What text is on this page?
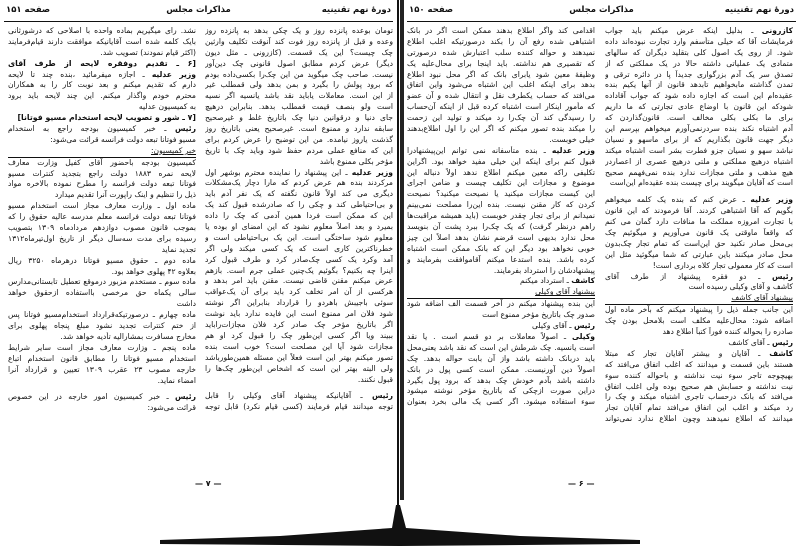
دورهٔ نهم تقنینیه
مذاکرات مجلس
صفحه ۱۵۱
تومان بوعده پانزده روز و یک چکی بدهد به پانزده روز
وعده و قبل از پانزده روز فوت کند آنوقت تکلیف وارثین
چک چیست؟ این یک قسمت. (کازرونی ـ مثل دیون
دیگر) عرض کردم مطابق اصول قانونی چک دین‌آور
نیست. صاحب چک میگوید من این چک‌را بکسی‌داده بودم
که برود پولش را بگیرد و بمن بدهد ولی قمطلب غیر
از این است. معاملات یاباید نقد باشد یانسیه اگر نسیه
است ولو بنصف قیمت قمطلب بدهد. بنابراین درهیچ
جای دنیا و درقوانین دنیا چک باتاریخ غلط و غیرصحیح
سابقه ندارد و ممنوع است. غیرصحیح یعنی باتاریخ روز
گذشت یاروز نیامده. من این توضیح را عرض کردم برای
این که منافع عملی مردم حفظ شود وباید چک با تاریخ
مؤخر بکلی ممنوع باشد
وزیر عدلیه ـ این پیشنهاد را نماینده محترم بوشهر اول
مرکردند بنده هم عرض کردم که مارا دچار یک‌مشکلات
دیگری می کند اولاً قانون نگفته که یک نفر آدم باید
و بی‌احتیاطی کند و چکی را که صادرشده قبول کند یک
این که ممکن است فردا همین آدمی که چک را داده
بمیرد و بعد اصلاً معلوم نشود که این امضای او بوده یا
معلوم شود ساختگی است. این یک بی‌احتیاطی است و
خطرناکترین کاری است که یک کسی میکند ولی اگر
آمد وکرد یک کسی چک‌صادر کرد و طرف قبول کرد
اینرا چه بکنیم؟ بگوئیم یک‌چنین عملی جرم است. بازهم
عرض میکنم مقنن قاضی نیست. مقنن باید امر بدهد و
هرکسی از آن امر تخلف کرد باید برای آن یک‌عواقب
سوئی باجیبش باهردو را قرارداد بنابراین اگر نوشته
شود فلان امر ممنوع است این فایده ندارد باید نوشت
اگر باتاریخ مؤخر چک صادر کرد فلان مجازات‌راباید
ببیند ویا اگر کسی این‌طور چک را قبول کرد او هم
مجازات شود آیا این مصلحت است؟ خوب است بنده
تصور میکنم بهتر این است فعلاً این مسئله همین‌طورباشد
ولی البته بهتر این است که اشخاص این‌طور چک‌ها را
قبول نکنند.
رئیس ـ آقایانیکه پیشنهاد آقای وکیلی را قابل
توجه میدانند قیام فرمایند (کسی قیام نکرد) قابل توجه
نشد. رای میگیریم بماده واحده با اصلاحی که درشورثانی
بایک کلمه شده است آقایانیکه موافقت دارند قیام‌فرمایند
(اکثر قیام نمودند) تصویب شد.
[۶ ـ تقدیم دوفقره لایحه از طرف آقای
وزیر عدلیه ـ اجازه میفرمائید ،بنده چند تا لایحه
دارم که تقدیم میکنم و بعد نوبت کار را به همکاران
محترم خودم واگذار میکنم. این چند لایحه باید برود
به کمیسیون عدلیه
[۷ ـ شور و تصویب لایحه استخدام مسیو فوتانا]
رئیس ـ خبر کمیسیون بودجه راجع به استخدام
مسیو فوتانا تبعه دولت فرانسه قرائت می‌شود:
خبر کمیسیون:
کمیسیون بودجه باحضور آقای کفیل وزارت معارف
لایحه نمره ۱۸۸۳ دولت راجع بتجدید کنترات مسیو
فوتانا تبعه دولت فرانسه را مطرح نموده بالاخره مواد
ذیل را تنظیم و اینک راپورت آنرا تقدیم میدارد
ماده اول ـ وزارت معارف مجاز است استخدام مسیو
فوتانا تبعه دولت فرانسه معلم مدرسه عالیه حقوق را که
بموجب قانون مصوب دوازدهم مردادماه ۱۳۰۹ بتصویب
رسیده برای مدت سه‌سال دیگر از تاریخ اول‌تیرماه۱۳۱۲
تجدید نماید
ماده دوم ـ حقوق مسیو فوتانا درهرماه ۳۲۵۰ ریال
بعلاوه ۴۲ پهلوی خواهد بود.
ماده سوم ـ مستخدم مزبور درموقع تعطیل تابستانی‌مدارس
سالی یکماه حق مرخصی بااستفاده ازحقوق خواهد
داشت
ماده چهارم ـ درصورتیکه‌قرارداد استخدام‌مسیو فوتانا پس
از ختم کنترات تجدید نشود مبلغ پنجاه پهلوی برای
مخارج مسافرت بمشارالیه تأدیه خواهد شد.
ماده پنجم ـ وزارت معارف مجاز است سایر شرایط
استخدام مسیو فوتانا را مطابق قانون استخدام اتباع
خارجه مصوب ۲۳ عقرب ۱۳۰۹ تعیین و قرارداد آنرا
امضاء نماید.
رئیس ـ خبر کمیسیون امور خارجه در این خصوص
قرائت می‌شود:
— ۷ —
دورهٔ نهم تقنینیه
مذاکرات مجلس
صفحه ۱۵۰
کازرونی ـ بدلیل اینکه عرض میکنم باید جواب
فرمایشات آقا که خیلی متأسفم وارد تجارت نبوده‌اند داده
شود. از روی یک اصول کلی بتقلید دیگران که سالهای
متمادی یک عملیاتی داشته حالا در یک مملکتی که از
تصدق سر یک آدم بزرگواری جدیداً پا در دائره ترقی و
تمدن گذاشته مابخواهیم تابدهد قانون از آنها یکیم بنده
عقیده‌ام این است که اجازه داده شود که جواب آقاداده
شودکه این قانون با اوضاع عادی تجارتی که ما داریم
برای ما بکلی بکلی مخالف است. قانون‌گذاردن که
آدم اشتباه نکند بنده سردرنمی‌آورم میخواهم بپرسم این
دیگر جهت قانون بگذاریم که از برای ماسهو و نسیان
نباشد سهو و نسیان جزو فطرت بشر است اشتباه میکند
اشتباه درهیچ مملکتی و ملتی درهیچ عصری از اعصاردر
هیچ مذهب و ملتی مجازات ندارد بنده نمی‌فهمم صحیح
است که آقایان میگویند برای چیست بنده عقیده‌ام این‌است
وزیر عدلیه ـ عرض کنم که بنده یک کلمه میخواهم
بگویم که آقا اشتباهی کردند. آقا فرمودند که این قانون
با تجارت امروزه مملکت ما منافات دارد گمان می کنم
که واقعاً ماوقتی یک قانون می‌آوریم و میگوئیم چک
بی‌محل صادر نکنید حق این‌است که تمام تجار چک‌بدون
محل صادر میکنند باین عبارتی که شما میگوئید مثل این
است که کار معمولی تجار کلاه برداری است!
رئیس ـ دو فقره پیشنهاد از طرف آقای
کاشف و آقای وکیلی رسیده است
پیشنهاد آقای کاشف
این جانب جمله ذیل را پیشنهاد میکنم که بآخر ماده اول
اضافه شود: محال‌علیه مکلف است بلامحل بودن چک
صادره را بحواله کننده فوراً کتباً اطلاع دهد
رئیس ـ آقای کاشف
کاشف ـ آقایان و بیشتر آقایان تجار که مبتلا
هستند باین قسمت و میدانند که اغلب اتفاق می‌افتد که
بهیچوجه تاجر سوء نیت نداشته و باحواله کننده سوء
نیت نداشته و حسابش هم صحیح بوده ولی اغلب اتفاق
می‌افتد که بانک درحساب تاجری اشتباه میکند و چک را
رد میکند و اغلب این اتفاق می‌افتد تمام آقایان تجار
میدانند که اطلاع نمیدهند وچون اطلاع ندارد نمی‌تواند
اقدامی کند واگر اطلاع بدهند ممکن است اگر در بانک
اشتباهی شده رفع آن را بکند درصورتیکه اغلب اطلاع
نمیدهند و حواله کننده سلب اعتبارش شده درصورتی
که تقصیری هم نداشته. باید اینجا برای محال‌علیه یک
وظیفهٔ معین شود یابرای بانک که اگر محل نبود اطلاع
بدهد برای اینکه اغلب این اشتباه می‌شود واین اتفاق
می‌افتد که حساب یکطرف نقل و انتقال شده و آن عضو
که مأمور اینکار است اشتباه کرده قبل از اینکه آن‌حساب
را رسیدگی کند آن چک‌را رد میکند و تولید این زحمت
را میکند بنده تصور میکنم که اگر این را اول اطلاع‌بدهند
خیلی خوبست.
وزیر عدلیه ـ بنده متأسفانه نمی توانم این‌پیشنهادرا
قبول کنم برای اینکه این خیلی مفید خواهد بود. اگراین
تکلیفی راکه معین میکنم اطلاع ندهد اولاً دنباله این
موضوع و مجازات این تکلیف چیست و ضامن اجرای
این کیست مجازات میکنید یا نصیحت میکنید؟ نصیحت
کردن که کار مقنن نیست. بنده این‌را مصلحت نمی‌بینم
نمیدانم از برای تجار چقدر خوبست (باید همیشه مراقبت‌ها
راهم درنظر گرفت) که یک چک‌را ببرد پشت آن بنویسد
محل ندارد بدیهی است قرضم نشان بدهد اصلاً این چیز
خوبی نخواهد بود دیگر این که بانک ممکن است اشتباه
کرده باشد. بنده استدعا میکنم آقاموافقت بفرمایند و
پیشنهادشان را استرداد بفرمایند.
کاشف ـ استرداد میکنم
پیشنهاد آقای وکیلی
این بنده پیشنهاد میکنم در آخر قسمت الف اضافه شود
صدور چک باتاریخ مؤخر ممنوع است
رئیس ـ آقای وکیلی
وکیلی ـ اصولاً معاملات بر دو قسم است . یا نقد
است یانسیه. چک شرطش این است که نقد باشد یعنی‌محل
باید دربانک داشته باشد واز آن بابت حواله بدهد. چک
اصولاً دین آورنیست. ممکن است کسی پول در بانک
داشته باشد بآدم خودش چک بدهد که برود پول بگیرد
دراین صورت ازچکی که باتاریخ مؤخر نوشته میشود
سوء استفاده میشود. اگر کسی یک مالی بخرد بعنوان
— ۶ —
